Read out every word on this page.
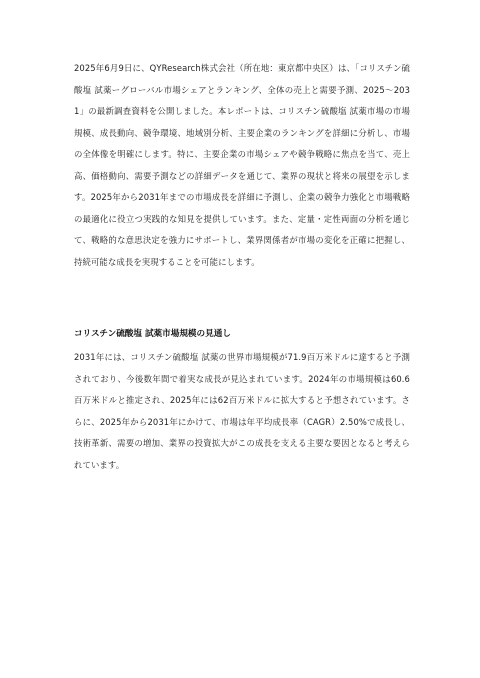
2025年6月9日に、QYResearch株式会社（所在地：東京都中央区）は、「コリスチン硫酸塩 試薬ーグローバル市場シェアとランキング、全体の売上と需要予測、2025〜2031」の最新調査資料を公開しました。本レポートは、コリスチン硫酸塩 試薬市場の市場規模、成長動向、競争環境、地域別分析、主要企業のランキングを詳細に分析し、市場の全体像を明確にします。特に、主要企業の市場シェアや競争戦略に焦点を当て、売上高、価格動向、需要予測などの詳細データを通じて、業界の現状と将来の展望を示します。2025年から2031年までの市場成長を詳細に予測し、企業の競争力強化と市場戦略の最適化に役立つ実践的な知見を提供しています。また、定量・定性両面の分析を通じて、戦略的な意思決定を強力にサポートし、業界関係者が市場の変化を正確に把握し、持続可能な成長を実現することを可能にします。

コリスチン硫酸塩 試薬市場規模の見通し

2031年には、コリスチン硫酸塩 試薬の世界市場規模が71.9百万米ドルに達すると予測されており、今後数年間で着実な成長が見込まれています。2024年の市場規模は60.6百万米ドルと推定され、2025年には62百万米ドルに拡大すると予想されています。さらに、2025年から2031年にかけて、市場は年平均成長率（CAGR）2.50%で成長し、技術革新、需要の増加、業界の投資拡大がこの成長を支える主要な要因となると考えられています。
